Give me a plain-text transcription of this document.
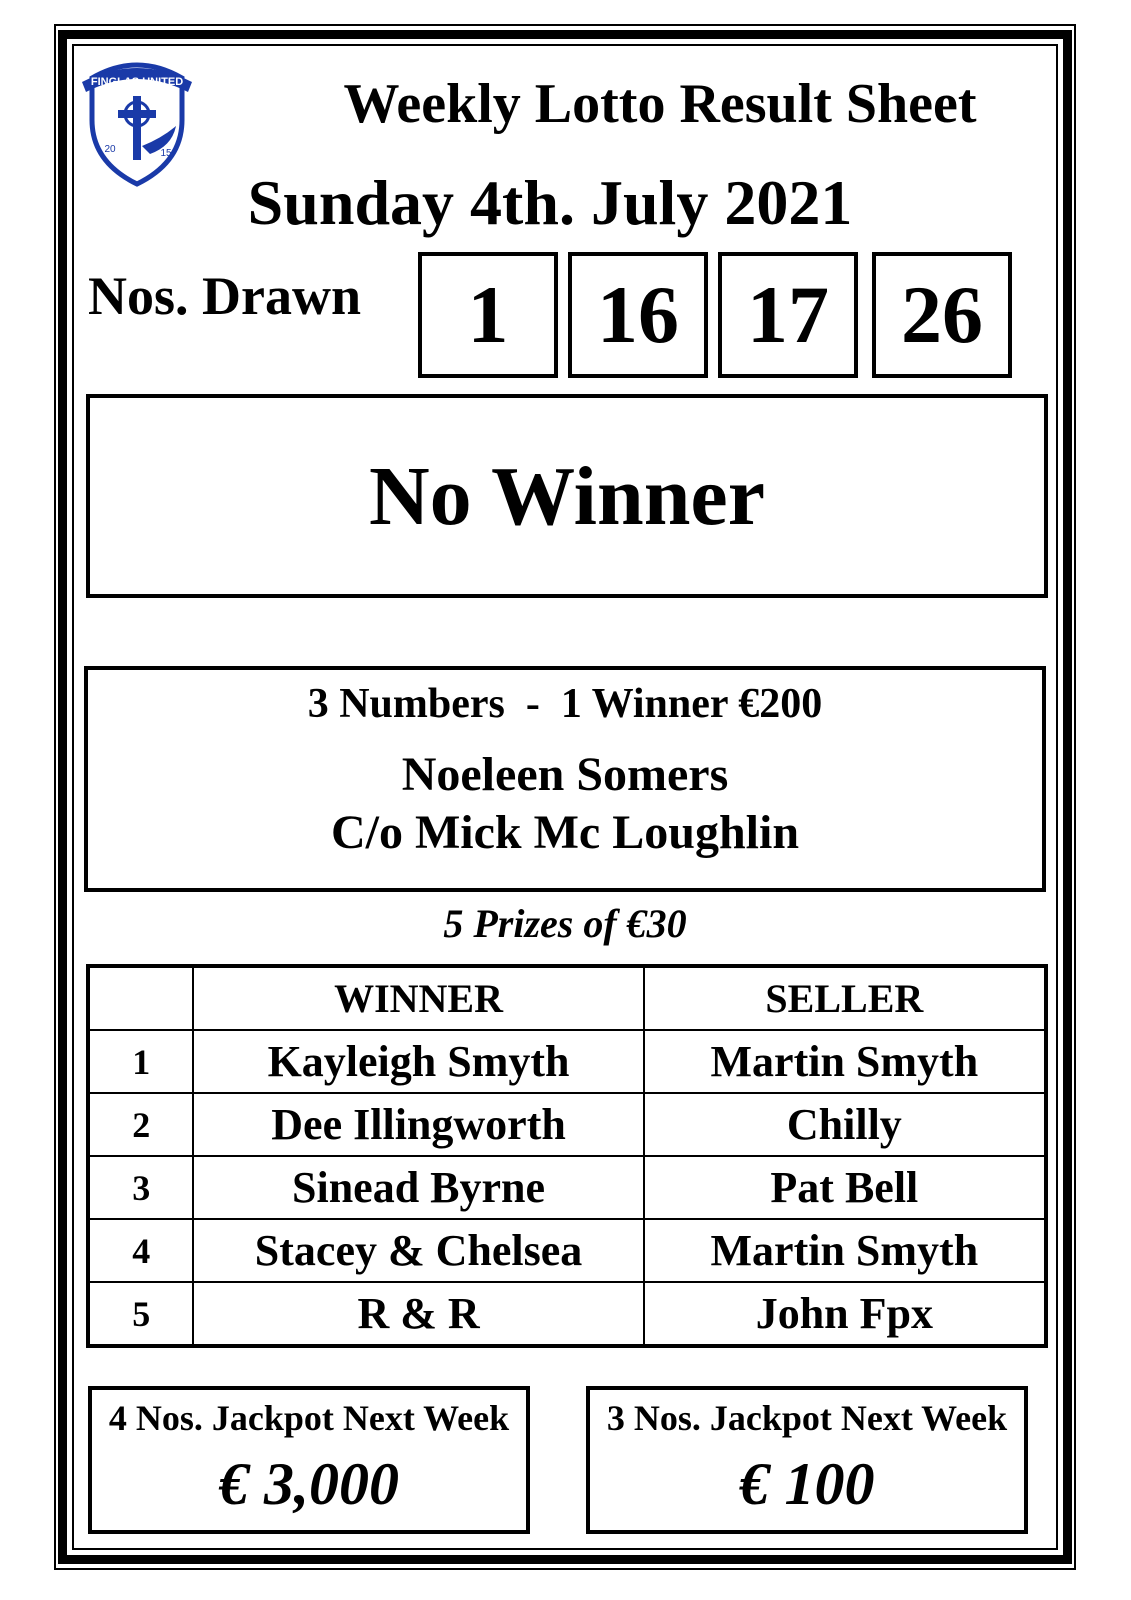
FINGLAS UNITED
20	15
Weekly Lotto Result Sheet
Sunday 4th. July 2021
Nos. Drawn	1	16 17 26
No Winner
3 Numbers  -  1 Winner €200
Noeleen Somers
C/o Mick Mc Loughlin
5 Prizes of €30
	WINNER	SELLER
1	Kayleigh Smyth	Martin Smyth
2	Dee Illingworth	Chilly
3	Sinead Byrne	Pat Bell
4	Stacey & Chelsea	Martin Smyth
5	R & R	John Fpx
4 Nos. Jackpot Next Week
€ 3,000
3 Nos. Jackpot Next Week
€ 100
